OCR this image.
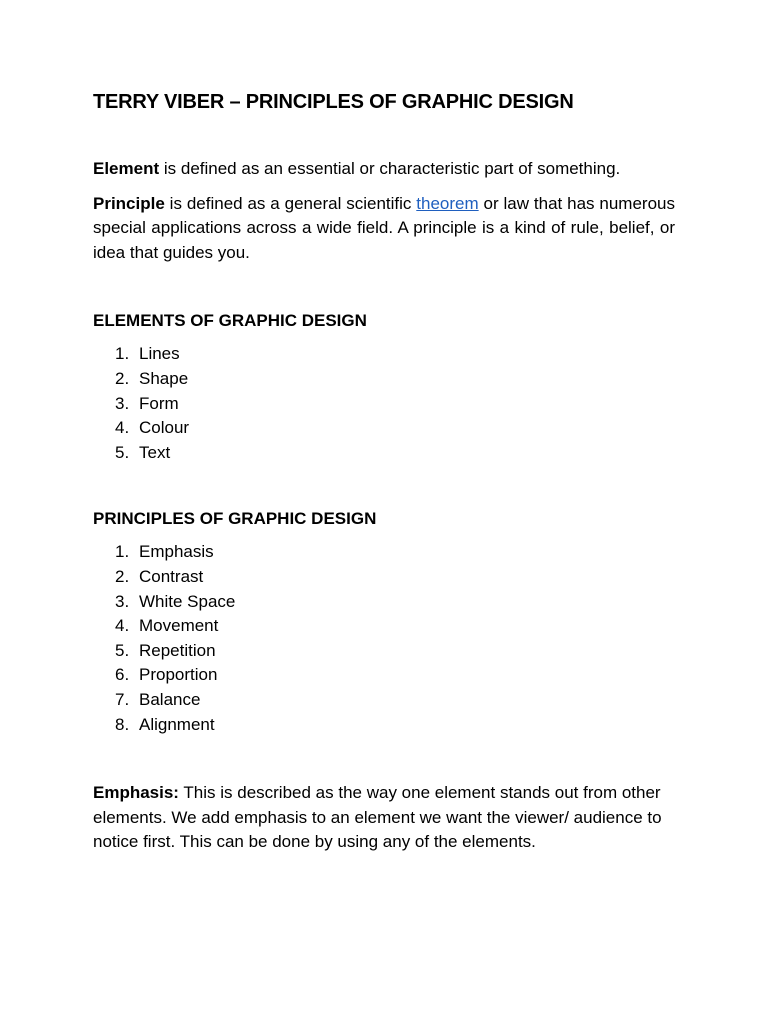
TERRY VIBER – PRINCIPLES OF GRAPHIC DESIGN

Element is defined as an essential or characteristic part of something.

Principle is defined as a general scientific theorem or law that has numerous special applications across a wide field. A principle is a kind of rule, belief, or idea that guides you.

ELEMENTS OF GRAPHIC DESIGN
1. Lines
2. Shape
3. Form
4. Colour
5. Text
PRINCIPLES OF GRAPHIC DESIGN
1. Emphasis
2. Contrast
3. White Space
4. Movement
5. Repetition
6. Proportion
7. Balance
8. Alignment

Emphasis: This is described as the way one element stands out from other elements. We add emphasis to an element we want the viewer/ audience to notice first. This can be done by using any of the elements.
